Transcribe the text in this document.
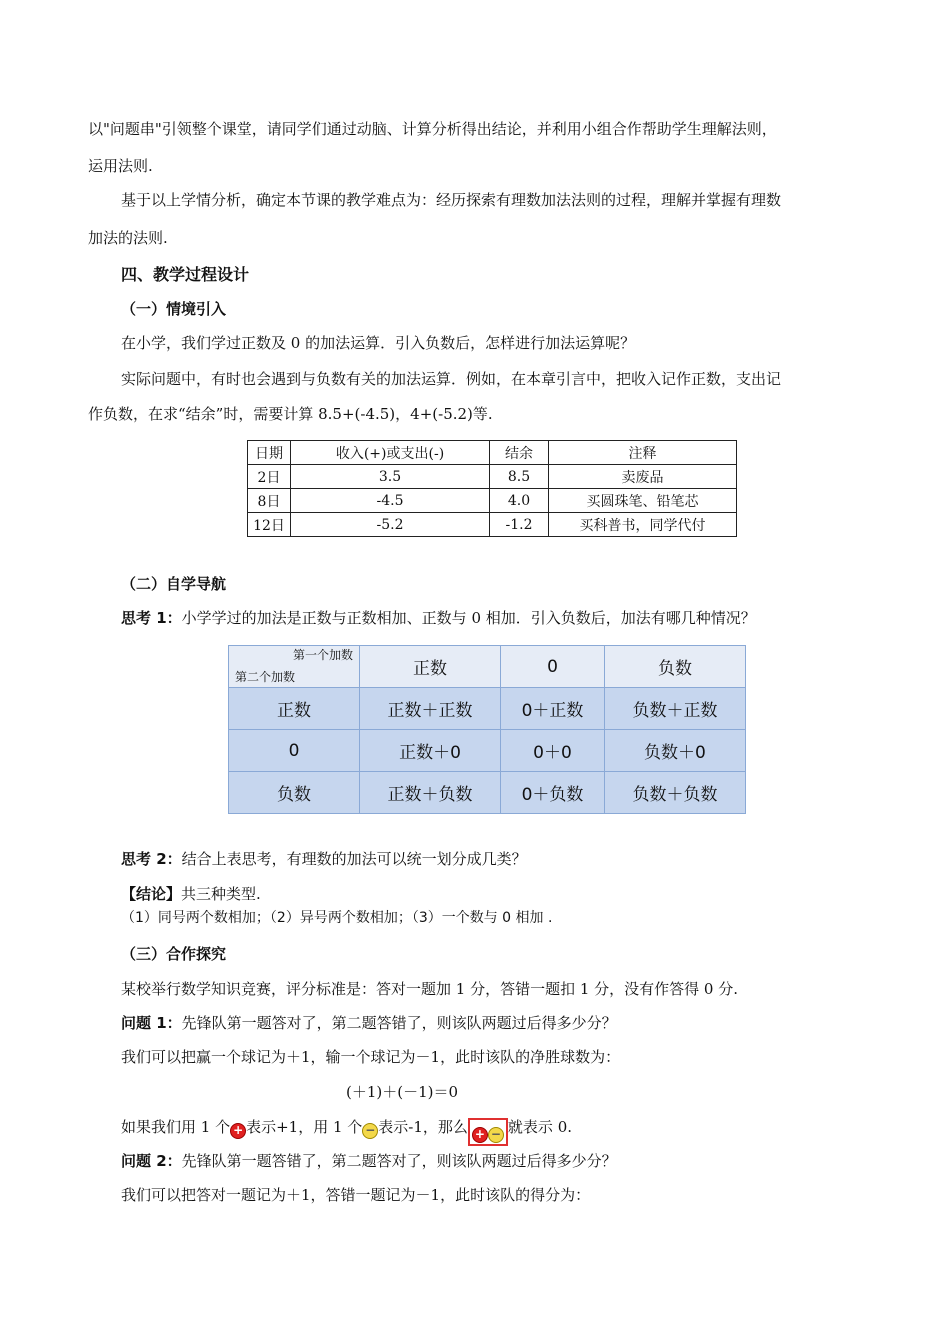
以"问题串"引领整个课堂，请同学们通过动脑、计算分析得出结论，并利用小组合作帮助学生理解法则，
运用法则.
基于以上学情分析，确定本节课的教学难点为：经历探索有理数加法法则的过程，理解并掌握有理数
加法的法则.
四、教学过程设计
（一）情境引入
在小学，我们学过正数及 0 的加法运算．引入负数后，怎样进行加法运算呢？
实际问题中，有时也会遇到与负数有关的加法运算．例如，在本章引言中，把收入记作正数，支出记
作负数，在求“结余”时，需要计算 8.5+(-4.5)，4+(-5.2)等.
日期	收入(+)或支出(-)	结余	注释
2日	3.5	8.5	卖废品
8日	-4.5	4.0	买圆珠笔、铅笔芯
12日	-5.2	-1.2	买科普书，同学代付
（二）自学导航
思考 1：小学学过的加法是正数与正数相加、正数与 0 相加．引入负数后，加法有哪几种情况？
第一个加数
第二个加数	正数	0	负数
正数	正数＋正数	0＋正数	负数＋正数
0	正数＋0	0＋0	负数＋0
负数	正数＋负数	0＋负数	负数＋负数
思考 2：结合上表思考，有理数的加法可以统一划分成几类？
【结论】共三种类型.
（1）同号两个数相加；（2）异号两个数相加；（3）一个数与 0 相加 .
（三）合作探究
某校举行数学知识竞赛，评分标准是：答对一题加 1 分，答错一题扣 1 分，没有作答得 0 分.
问题 1：先锋队第一题答对了，第二题答错了，则该队两题过后得多少分？
我们可以把赢一个球记为＋1，输一个球记为－1，此时该队的净胜球数为：
(＋1)＋(－1)＝0
如果我们用 1 个 + 表示+1，用 1 个 − 表示-1，那么 + − 就表示 0.
问题 2：先锋队第一题答错了，第二题答对了，则该队两题过后得多少分？
我们可以把答对一题记为＋1，答错一题记为－1，此时该队的得分为：
